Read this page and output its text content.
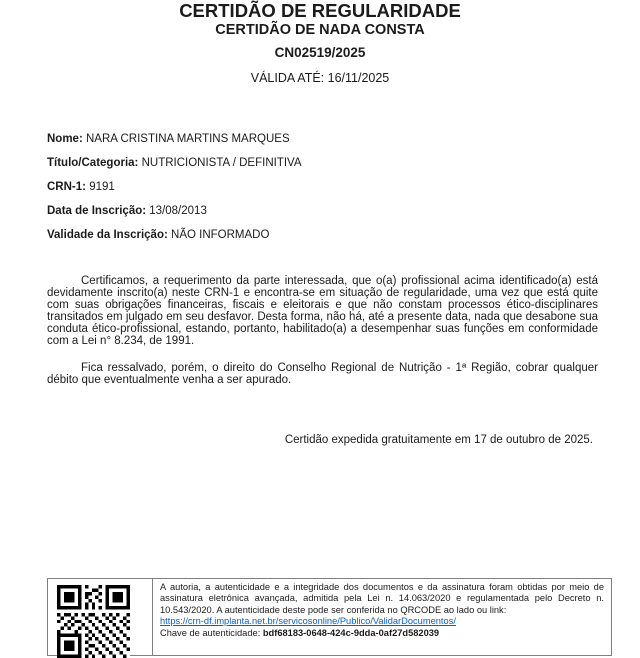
CERTIDÃO DE REGULARIDADE
CERTIDÃO DE NADA CONSTA
CN02519/2025
VÁLIDA ATÉ: 16/11/2025
Nome: NARA CRISTINA MARTINS MARQUES
Título/Categoria: NUTRICIONISTA / DEFINITIVA
CRN-1: 9191
Data de Inscrição: 13/08/2013
Validade da Inscrição: NÃO INFORMADO

Certificamos, a requerimento da parte interessada, que o(a) profissional acima identificado(a) está devidamente inscrito(a) neste CRN-1 e encontra-se em situação de regularidade, uma vez que está quite com suas obrigações financeiras, fiscais e eleitorais e que não constam processos ético-disciplinares transitados em julgado em seu desfavor. Desta forma, não há, até a presente data, nada que desabone sua conduta ético-profissional, estando, portanto, habilitado(a) a desempenhar suas funções em conformidade com a Lei n° 8.234, de 1991.

Fica ressalvado, porém, o direito do Conselho Regional de Nutrição - 1ª Região, cobrar qualquer débito que eventualmente venha a ser apurado.

Certidão expedida gratuitamente em 17 de outubro de 2025.
A autoria, a autenticidade e a integridade dos documentos e da assinatura foram obtidas por meio de assinatura eletrônica avançada, admitida pela Lei n. 14.063/2020 e regulamentada pelo Decreto n. 10.543/2020. A autenticidade deste pode ser conferida no QRCODE ao lado ou link:
https://crn-df.implanta.net.br/servicosonline/Publico/ValidarDocumentos/
Chave de autenticidade: bdf68183-0648-424c-9dda-0af27d582039
